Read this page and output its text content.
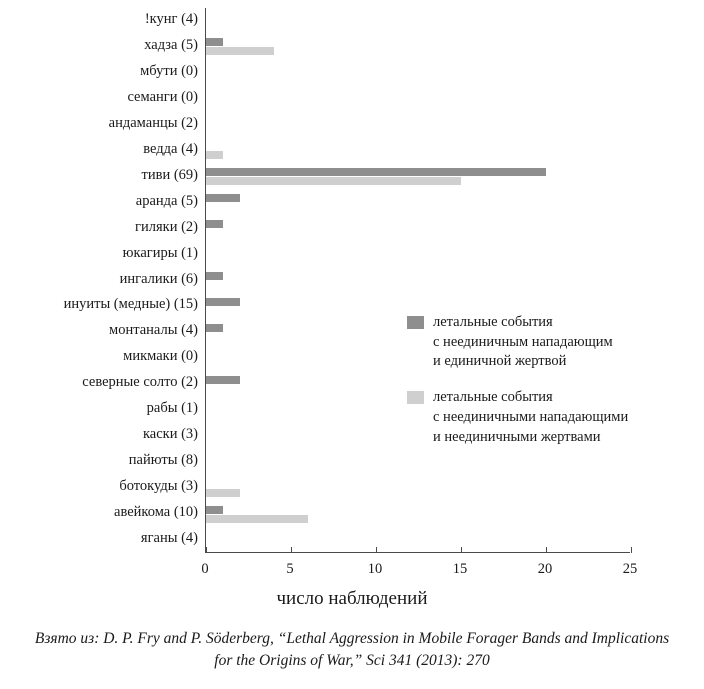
число наблюдений
летальные события
с неединичным нападающим
и единичной жертвой
летальные события
с неединичными нападающими
и неединичными жертвами
Взято из: D. P. Fry and P. Söderberg, “Lethal Aggression in Mobile Forager Bands and Implications
for the Origins of War,” Sci 341 (2013): 270
!кунг (4)
хадза (5)
мбути (0)
семанги (0)
андаманцы (2)
ведда (4)
тиви (69)
аранда (5)
гиляки (2)
юкагиры (1)
ингалики (6)
инуиты (медные) (15)
монтаналы (4)
микмаки (0)
северные солто (2)
рабы (1)
каски (3)
пайюты (8)
ботокуды (3)
авейкома (10)
яганы (4)
0	5	10	15	20	25
